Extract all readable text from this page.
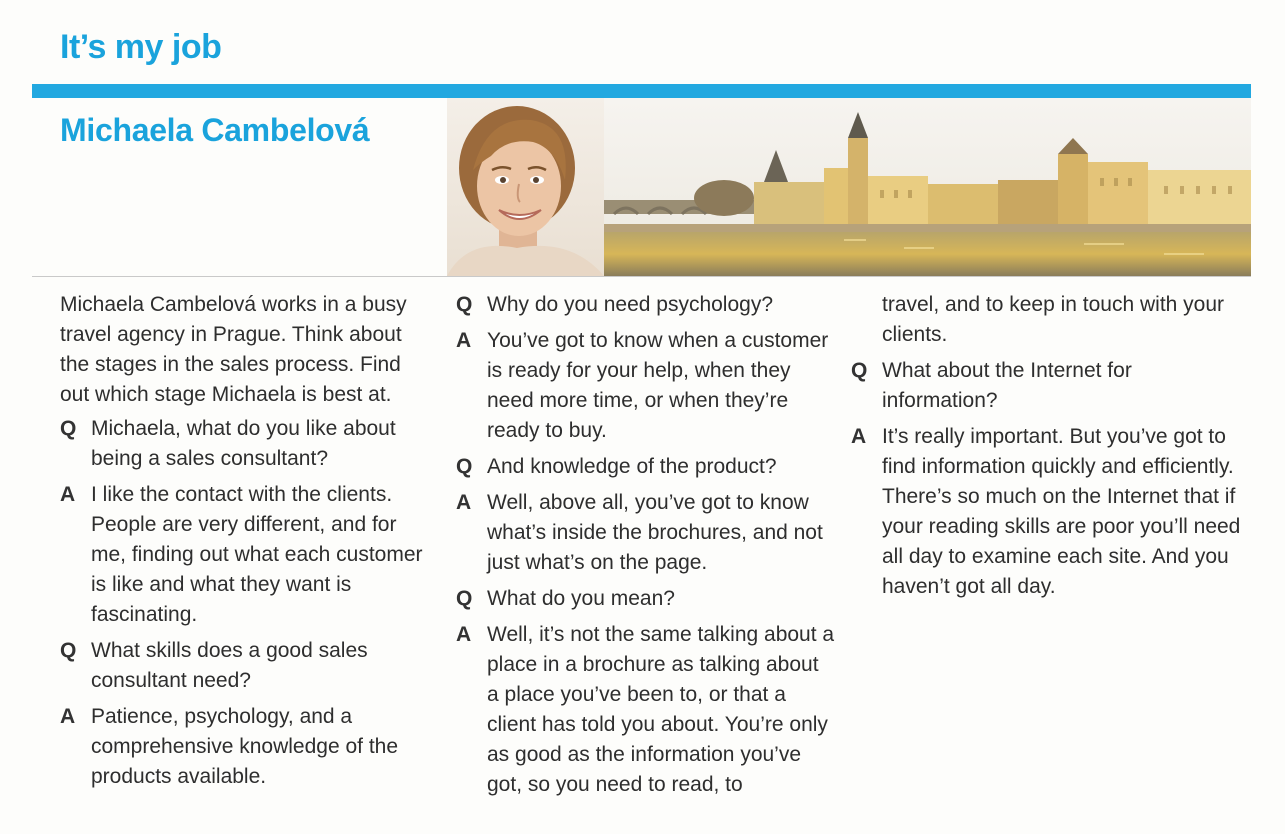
It’s my job
Michaela Cambelová

Michaela Cambelová works in a busy travel agency in Prague. Think about the stages in the sales process. Find out which stage Michaela is best at.

Q Michaela, what do you like about being a sales consultant?
A I like the contact with the clients. People are very different, and for me, finding out what each customer is like and what they want is fascinating.
Q What skills does a good sales consultant need?
A Patience, psychology, and a comprehensive knowledge of the products available.
Q Why do you need psychology?
A You’ve got to know when a customer is ready for your help, when they need more time, or when they’re ready to buy.
Q And knowledge of the product?
A Well, above all, you’ve got to know what’s inside the brochures, and not just what’s on the page.
Q What do you mean?
A Well, it’s not the same talking about a place in a brochure as talking about a place you’ve been to, or that a client has told you about. You’re only as good as the information you’ve got, so you need to read, to

travel, and to keep in touch with your clients.

Q What about the Internet for information?
A It’s really important. But you’ve got to find information quickly and efficiently. There’s so much on the Internet that if your reading skills are poor you’ll need all day to examine each site. And you haven’t got all day.
